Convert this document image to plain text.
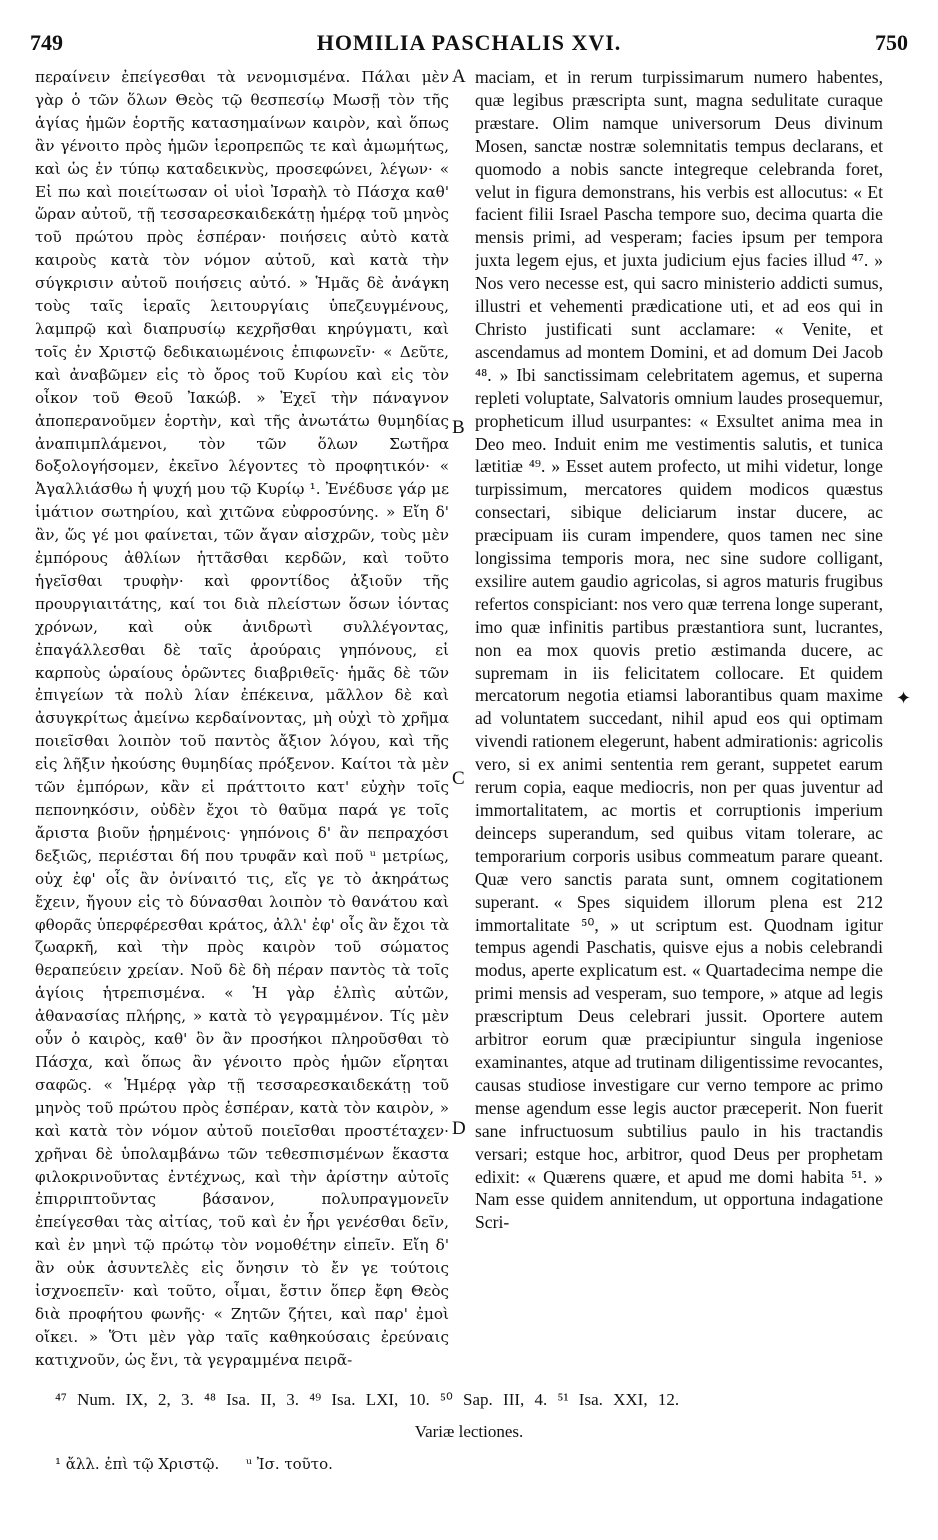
749	HOMILIA PASCHALIS XVI.	750

περαίνειν ἐπείγεσθαι τὰ νενομισμένα. Πάλαι μὲν γὰρ ὁ τῶν ὅλων Θεὸς τῷ θεσπεσίῳ Μωσῇ τὸν τῆς ἁγίας ἡμῶν ἑορτῆς κατασημαίνων καιρὸν, καὶ ὅπως ἂν γένοιτο πρὸς ἡμῶν ἱεροπρεπῶς τε καὶ ἀμωμήτως, καὶ ὡς ἐν τύπῳ καταδεικνὺς, προσεφώνει, λέγων· « Εἰ πω καὶ ποιείτωσαν οἱ υἱοὶ Ἰσραὴλ τὸ Πάσχα καθ' ὥραν αὐτοῦ, τῇ τεσσαρεσκαιδεκάτῃ ἡμέρᾳ τοῦ μηνὸς τοῦ πρώτου πρὸς ἑσπέραν· ποιήσεις αὐτὸ κατὰ καιροὺς κατὰ τὸν νόμον αὐτοῦ, καὶ κατὰ τὴν σύγκρισιν αὐτοῦ ποιήσεις αὐτό. » Ἡμᾶς δὲ ἀνάγκη τοὺς ταῖς ἱεραῖς λειτουργίαις ὑπεζευγμένους, λαμπρῷ καὶ διαπρυσίῳ κεχρῆσθαι κηρύγματι, καὶ τοῖς ἐν Χριστῷ δεδικαιωμένοις ἐπιφωνεῖν· « Δεῦτε, καὶ ἀναβῶμεν εἰς τὸ ὄρος τοῦ Κυρίου καὶ εἰς τὸν οἶκον τοῦ Θεοῦ Ἰακώβ. » Ἐχεῖ τὴν πάναγνον ἀποπερανοῦμεν ἑορτὴν, καὶ τῆς ἀνωτάτω θυμηδίας ἀναπιμπλάμενοι, τὸν τῶν ὅλων Σωτῆρα δοξολογήσομεν, ἐκεῖνο λέγοντες τὸ προφητικόν· « Ἀγαλλιάσθω ἡ ψυχή μου τῷ Κυρίῳ ¹. Ἐνέδυσε γάρ με ἱμάτιον σωτηρίου, καὶ χιτῶνα εὐφροσύνης. » Εἴη δ' ἂν, ὥς γέ μοι φαίνεται, τῶν ἄγαν αἰσχρῶν, τοὺς μὲν ἐμπόρους ἀθλίων ἡττᾶσθαι κερδῶν, καὶ τοῦτο ἡγεῖσθαι τρυφὴν· καὶ φροντίδος ἀξιοῦν τῆς προυργιαιτάτης, καί τοι διὰ πλείστων ὅσων ἰόντας χρόνων, καὶ οὐκ ἀνιδρωτὶ συλλέγοντας, ἐπαγάλλεσθαι δὲ ταῖς ἀρούραις γηπόνους, εἰ καρποὺς ὡραίους ὁρῶντες διαβριθεῖς· ἡμᾶς δὲ τῶν ἐπιγείων τὰ πολὺ λίαν ἐπέκεινα, μᾶλλον δὲ καὶ ἀσυγκρίτως ἀμείνω κερδαίνοντας, μὴ οὐχὶ τὸ χρῆμα ποιεῖσθαι λοιπὸν τοῦ παντὸς ἄξιον λόγου, καὶ τῆς εἰς λῆξιν ἠκούσης θυμηδίας πρόξενον. Καίτοι τὰ μὲν τῶν ἐμπόρων, κἂν εἰ πράττοιτο κατ' εὐχὴν τοῖς πεπονηκόσιν, οὐδὲν ἔχοι τὸ θαῦμα παρά γε τοῖς ἄριστα βιοῦν ᾑρημένοις· γηπόνοις δ' ἂν πεπραχόσι δεξιῶς, περιέσται δή που τρυφᾶν καὶ ποῦ ᵘ μετρίως, οὐχ ἐφ' οἷς ἂν ὀνίναιτό τις, εἴς γε τὸ ἀκηράτως ἔχειν, ἤγουν εἰς τὸ δύνασθαι λοιπὸν τὸ θανάτου καὶ φθορᾶς ὑπερφέρεσθαι κράτος, ἀλλ' ἐφ' οἷς ἂν ἔχοι τὰ ζωαρκῆ, καὶ τὴν πρὸς καιρὸν τοῦ σώματος θεραπεύειν χρείαν. Νοῦ δὲ δὴ πέραν παντὸς τὰ τοῖς ἁγίοις ἡτρεπισμένα. « Ἡ γὰρ ἐλπὶς αὐτῶν, ἀθανασίας πλήρης, » κατὰ τὸ γεγραμμένον. Τίς μὲν οὖν ὁ καιρὸς, καθ' ὃν ἂν προσήκοι πληροῦσθαι τὸ Πάσχα, καὶ ὅπως ἂν γένοιτο πρὸς ἡμῶν εἴρηται σαφῶς. « Ἡμέρᾳ γὰρ τῇ τεσσαρεσκαιδεκάτῃ τοῦ μηνὸς τοῦ πρώτου πρὸς ἑσπέραν, κατὰ τὸν καιρὸν, » καὶ κατὰ τὸν νόμον αὐτοῦ ποιεῖσθαι προστέταχεν· χρῆναι δὲ ὑπολαμβάνω τῶν τεθεσπισμένων ἕκαστα φιλοκρινοῦντας ἐντέχνως, καὶ τὴν ἀρίστην αὐτοῖς ἐπιρριπτοῦντας βάσανον, πολυπραγμονεῖν ἐπείγεσθαι τὰς αἰτίας, τοῦ καὶ ἐν ἦρι γενέσθαι δεῖν, καὶ ἐν μηνὶ τῷ πρώτῳ τὸν νομοθέτην εἰπεῖν. Εἴη δ' ἂν οὐκ ἀσυντελὲς εἰς ὄνησιν τὸ ἔν γε τούτοις ἰσχνοεπεῖν· καὶ τοῦτο, οἶμαι, ἔστιν ὅπερ ἔφη Θεὸς διὰ προφήτου φωνῆς· « Ζητῶν ζήτει, καὶ παρ' ἐμοὶ οἴκει. » Ὅτι μὲν γὰρ ταῖς καθηκούσαις ἐρεύναις κατιχνοῦν, ὡς ἔνι, τὰ γεγραμμένα πειρᾶ-

A
B
C
D

maciam, et in rerum turpissimarum numero habentes, quæ legibus præscripta sunt, magna sedulitate curaque præstare. Olim namque universorum Deus divinum Mosen, sanctæ nostræ solemnitatis tempus declarans, et quomodo a nobis sancte integreque celebranda foret, velut in figura demonstrans, his verbis est allocutus: « Et facient filii Israel Pascha tempore suo, decima quarta die mensis primi, ad vesperam; facies ipsum per tempora juxta legem ejus, et juxta judicium ejus facies illud ⁴⁷. » Nos vero necesse est, qui sacro ministerio addicti sumus, illustri et vehementi prædicatione uti, et ad eos qui in Christo justificati sunt acclamare: « Venite, et ascendamus ad montem Domini, et ad domum Dei Jacob ⁴⁸. » Ibi sanctissimam celebritatem agemus, et superna repleti voluptate, Salvatoris omnium laudes prosequemur, propheticum illud usurpantes: « Exsultet anima mea in Deo meo. Induit enim me vestimentis salutis, et tunica lætitiæ ⁴⁹. » Esset autem profecto, ut mihi videtur, longe turpissimum, mercatores quidem modicos quæstus consectari, sibique deliciarum instar ducere, ac præcipuam iis curam impendere, quos tamen nec sine longissima temporis mora, nec sine sudore colligant, exsilire autem gaudio agricolas, si agros maturis frugibus refertos conspiciant: nos vero quæ terrena longe superant, imo quæ infinitis partibus præstantiora sunt, lucrantes, non ea mox quovis pretio æstimanda ducere, ac supremam in iis felicitatem collocare. Et quidem mercatorum negotia etiamsi laborantibus quam maxime ad voluntatem succedant, nihil apud eos qui optimam vivendi rationem elegerunt, habent admirationis: agricolis vero, si ex animi sententia rem gerant, suppetet earum rerum copia, eaque mediocris, non per quas juventur ad immortalitatem, ac mortis et corruptionis imperium deinceps superandum, sed quibus vitam tolerare, ac temporarium corporis usibus commeatum parare queant. Quæ vero sanctis parata sunt, omnem cogitationem superant. « Spes siquidem illorum plena est 212 immortalitate ⁵⁰, » ut scriptum est. Quodnam igitur tempus agendi Paschatis, quisve ejus a nobis celebrandi modus, aperte explicatum est. « Quartadecima nempe die primi mensis ad vesperam, suo tempore, » atque ad legis præscriptum Deus celebrari jussit. Oportere autem arbitror eorum quæ præcipiuntur singula ingeniose examinantes, atque ad trutinam diligentissime revocantes, causas studiose investigare cur verno tempore ac primo mense agendum esse legis auctor præceperit. Non fuerit sane infructuosum subtilius paulo in his tractandis versari; estque hoc, arbitror, quod Deus per prophetam edixit: « Quærens quære, et apud me domi habita ⁵¹. » Nam esse quidem annitendum, ut opportuna indagatione Scri-

✦
⁴⁷ Num. IX, 2, 3. ⁴⁸ Isa. II, 3. ⁴⁹ Isa. LXI, 10. ⁵⁰ Sap. III, 4. ⁵¹ Isa. XXI, 12.
Variæ lectiones.
¹ ἄλλ. ἐπὶ τῷ Χριστῷ. ᵘ Ἰσ. τοῦτο.
